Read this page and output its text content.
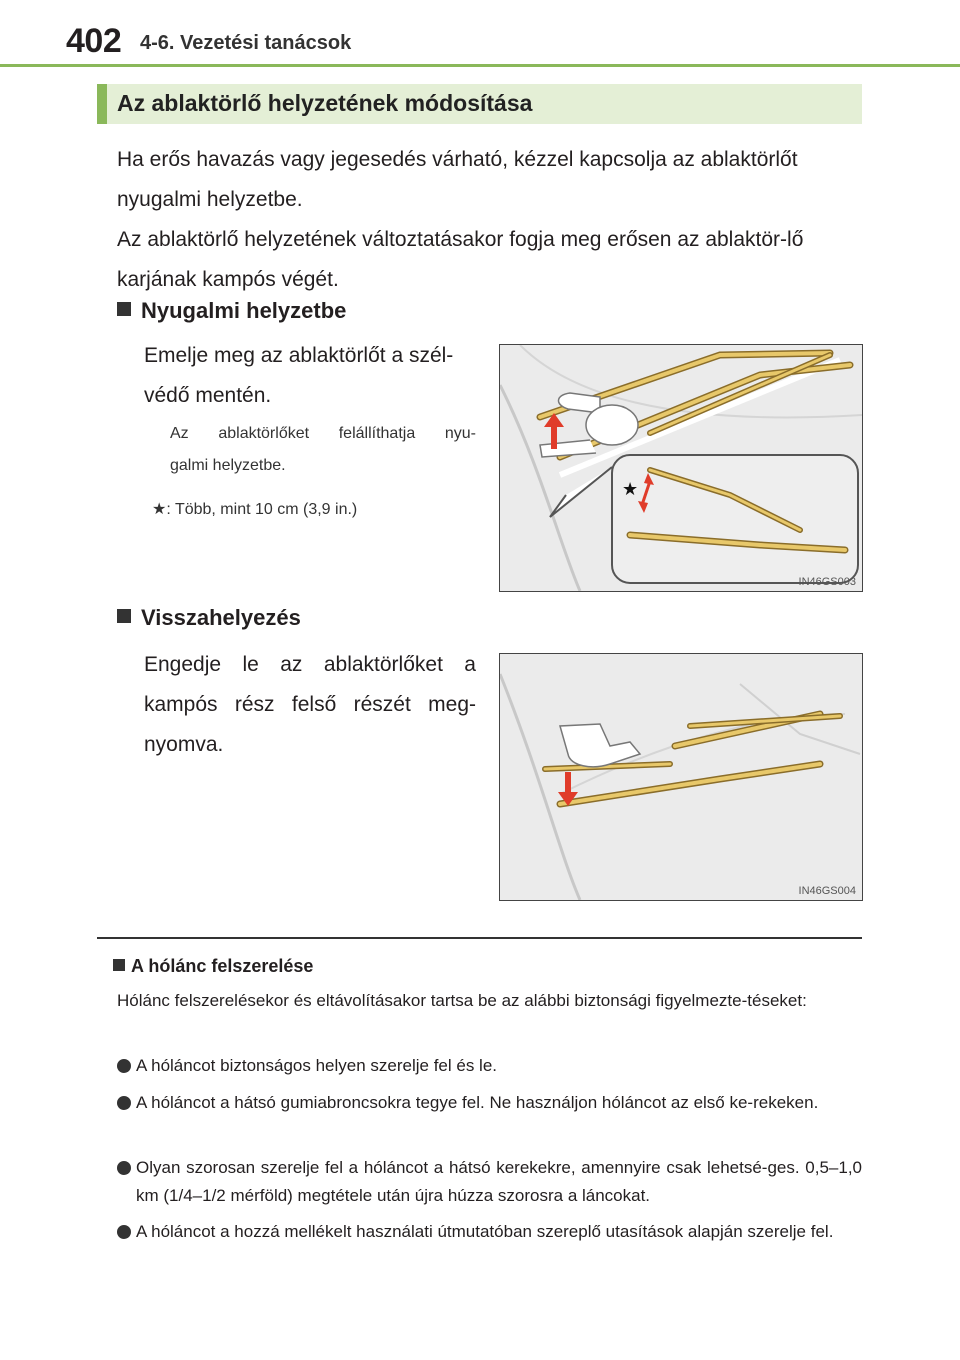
402 4-6. Vezetési tanácsok
Az ablaktörlő helyzetének módosítása
Ha erős havazás vagy jegesedés várható, kézzel kapcsolja az ablaktörlőt nyugalmi helyzetbe.
Az ablaktörlő helyzetének változtatásakor fogja meg erősen az ablaktör-lő karjának kampós végét.
Nyugalmi helyzetbe
Emelje meg az ablaktörlőt a szél-
védő mentén.
Az ablaktörlőket felállíthatja nyu-
galmi helyzetbe.
★: Több, mint 10 cm (3,9 in.)
★
IN46GS003
Visszahelyezés
Engedje le az ablaktörlőket a
kampós rész felső részét meg-
nyomva.
IN46GS004
A hólánc felszerelése
Hólánc felszerelésekor és eltávolításakor tartsa be az alábbi biztonsági figyelmezte-téseket:
A hóláncot biztonságos helyen szerelje fel és le.
A hóláncot a hátsó gumiabroncsokra tegye fel. Ne használjon hóláncot az első ke-rekeken.
Olyan szorosan szerelje fel a hóláncot a hátsó kerekekre, amennyire csak lehetsé-ges. 0,5–1,0 km (1/4–1/2 mérföld) megtétele után újra húzza szorosra a láncokat.
A hóláncot a hozzá mellékelt használati útmutatóban szereplő utasítások alapján szerelje fel.
